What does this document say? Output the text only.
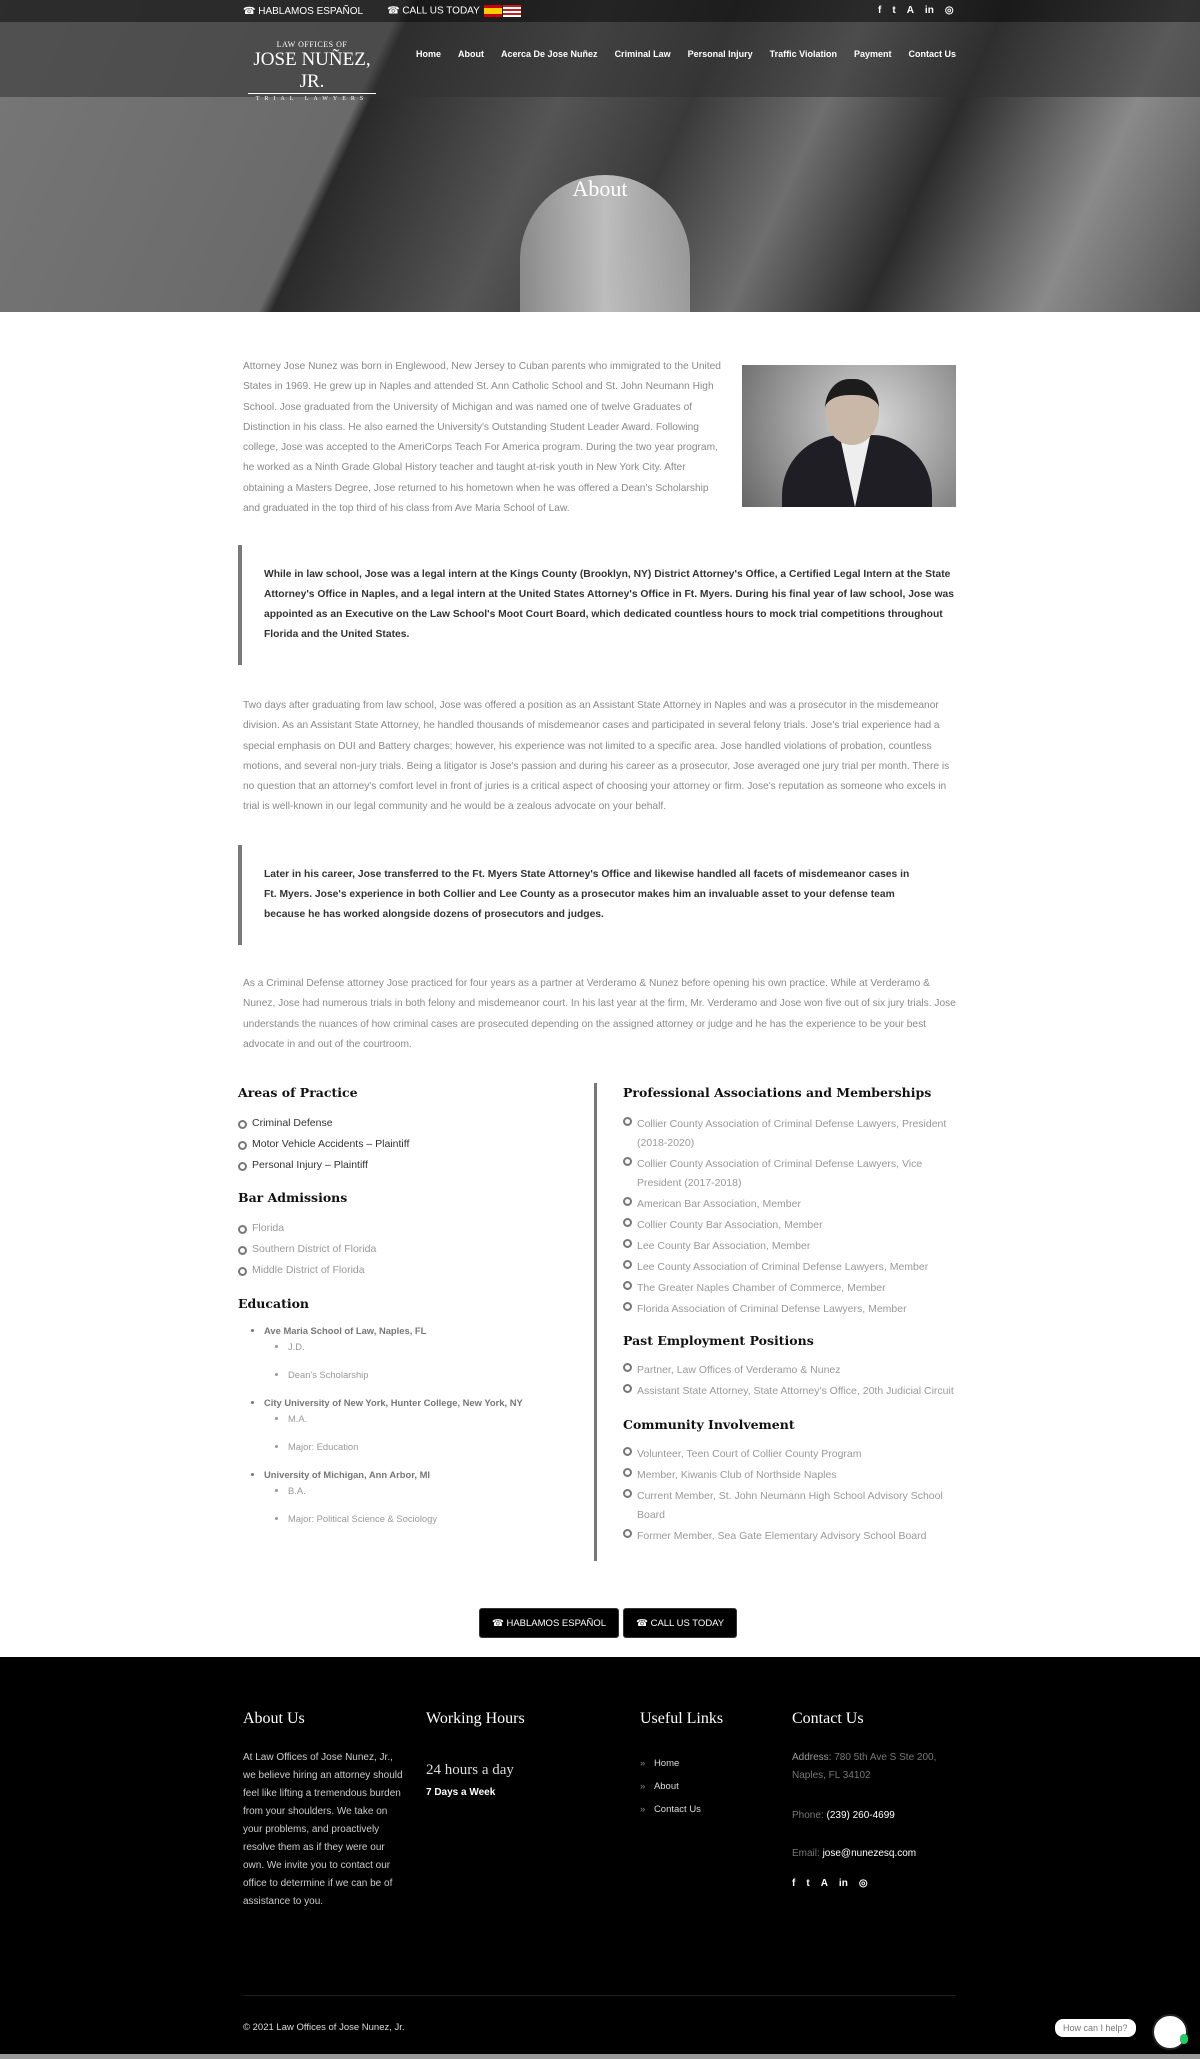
About
☎ HABLAMOS ESPAÑOL ☎ CALL US TODAY	f t A in ◎
LAW OFFICES OF
JOSE NUÑEZ, JR.
TRIAL LAWYERS
Home About Acerca De Jose Nuñez Criminal Law Personal Injury Traffic Violation Payment Contact Us
Attorney Jose Nunez was born in Englewood, New Jersey to Cuban parents who immigrated to the United States in 1969. He grew up in Naples and attended St. Ann Catholic School and St. John Neumann High School. Jose graduated from the University of Michigan and was named one of twelve Graduates of Distinction in his class. He also earned the University's Outstanding Student Leader Award. Following college, Jose was accepted to the AmeriCorps Teach For America program. During the two year program, he worked as a Ninth Grade Global History teacher and taught at-risk youth in New York City. After obtaining a Masters Degree, Jose returned to his hometown when he was offered a Dean's Scholarship and graduated in the top third of his class from Ave Maria School of Law.
While in law school, Jose was a legal intern at the Kings County (Brooklyn, NY) District Attorney's Office, a Certified Legal Intern at the State Attorney's Office in Naples, and a legal intern at the United States Attorney's Office in Ft. Myers. During his final year of law school, Jose was appointed as an Executive on the Law School's Moot Court Board, which dedicated countless hours to mock trial competitions throughout Florida and the United States.
Two days after graduating from law school, Jose was offered a position as an Assistant State Attorney in Naples and was a prosecutor in the misdemeanor division. As an Assistant State Attorney, he handled thousands of misdemeanor cases and participated in several felony trials. Jose's trial experience had a special emphasis on DUI and Battery charges; however, his experience was not limited to a specific area. Jose handled violations of probation, countless motions, and several non-jury trials. Being a litigator is Jose's passion and during his career as a prosecutor, Jose averaged one jury trial per month. There is no question that an attorney's comfort level in front of juries is a critical aspect of choosing your attorney or firm. Jose's reputation as someone who excels in trial is well-known in our legal community and he would be a zealous advocate on your behalf.
Later in his career, Jose transferred to the Ft. Myers State Attorney's Office and likewise handled all facets of misdemeanor cases in Ft. Myers. Jose's experience in both Collier and Lee County as a prosecutor makes him an invaluable asset to your defense team because he has worked alongside dozens of prosecutors and judges.
As a Criminal Defense attorney Jose practiced for four years as a partner at Verderamo & Nunez before opening his own practice. While at Verderamo & Nunez, Jose had numerous trials in both felony and misdemeanor court. In his last year at the firm, Mr. Verderamo and Jose won five out of six jury trials. Jose understands the nuances of how criminal cases are prosecuted depending on the assigned attorney or judge and he has the experience to be your best advocate in and out of the courtroom.
Areas of Practice
Criminal Defense
Motor Vehicle Accidents – Plaintiff
Personal Injury – Plaintiff
Bar Admissions
Florida
Southern District of Florida
Middle District of Florida
Education
• Ave Maria School of Law, Naples, FL
• J.D.
• Dean's Scholarship
• City University of New York, Hunter College, New York, NY
• M.A.
• Major: Education
• University of Michigan, Ann Arbor, MI
• B.A.
• Major: Political Science & Sociology
Professional Associations and Memberships
Collier County Association of Criminal Defense Lawyers, President (2018-2020)
Collier County Association of Criminal Defense Lawyers, Vice President (2017-2018)
American Bar Association, Member
Collier County Bar Association, Member
Lee County Bar Association, Member
Lee County Association of Criminal Defense Lawyers, Member
The Greater Naples Chamber of Commerce, Member
Florida Association of Criminal Defense Lawyers, Member
Past Employment Positions
Partner, Law Offices of Verderamo & Nunez
Assistant State Attorney, State Attorney's Office, 20th Judicial Circuit
Community Involvement
Volunteer, Teen Court of Collier County Program
Member, Kiwanis Club of Northside Naples
Current Member, St. John Neumann High School Advisory School Board
Former Member, Sea Gate Elementary Advisory School Board
☎ HABLAMOS ESPAÑOL	☎ CALL US TODAY
About Us
At Law Offices of Jose Nunez, Jr., we believe hiring an attorney should feel like lifting a tremendous burden from your shoulders. We take on your problems, and proactively resolve them as if they were our own. We invite you to contact our office to determine if we can be of assistance to you.
Working Hours
24 hours a day
7 Days a Week
Useful Links
» Home
» About
» Contact Us
Contact Us
Address: 780 5th Ave S Ste 200, Naples, FL 34102
Phone: (239) 260-4699
Email: jose@nunezesq.com
f t A in ◎
© 2021 Law Offices of Jose Nunez, Jr.	How can I help?
